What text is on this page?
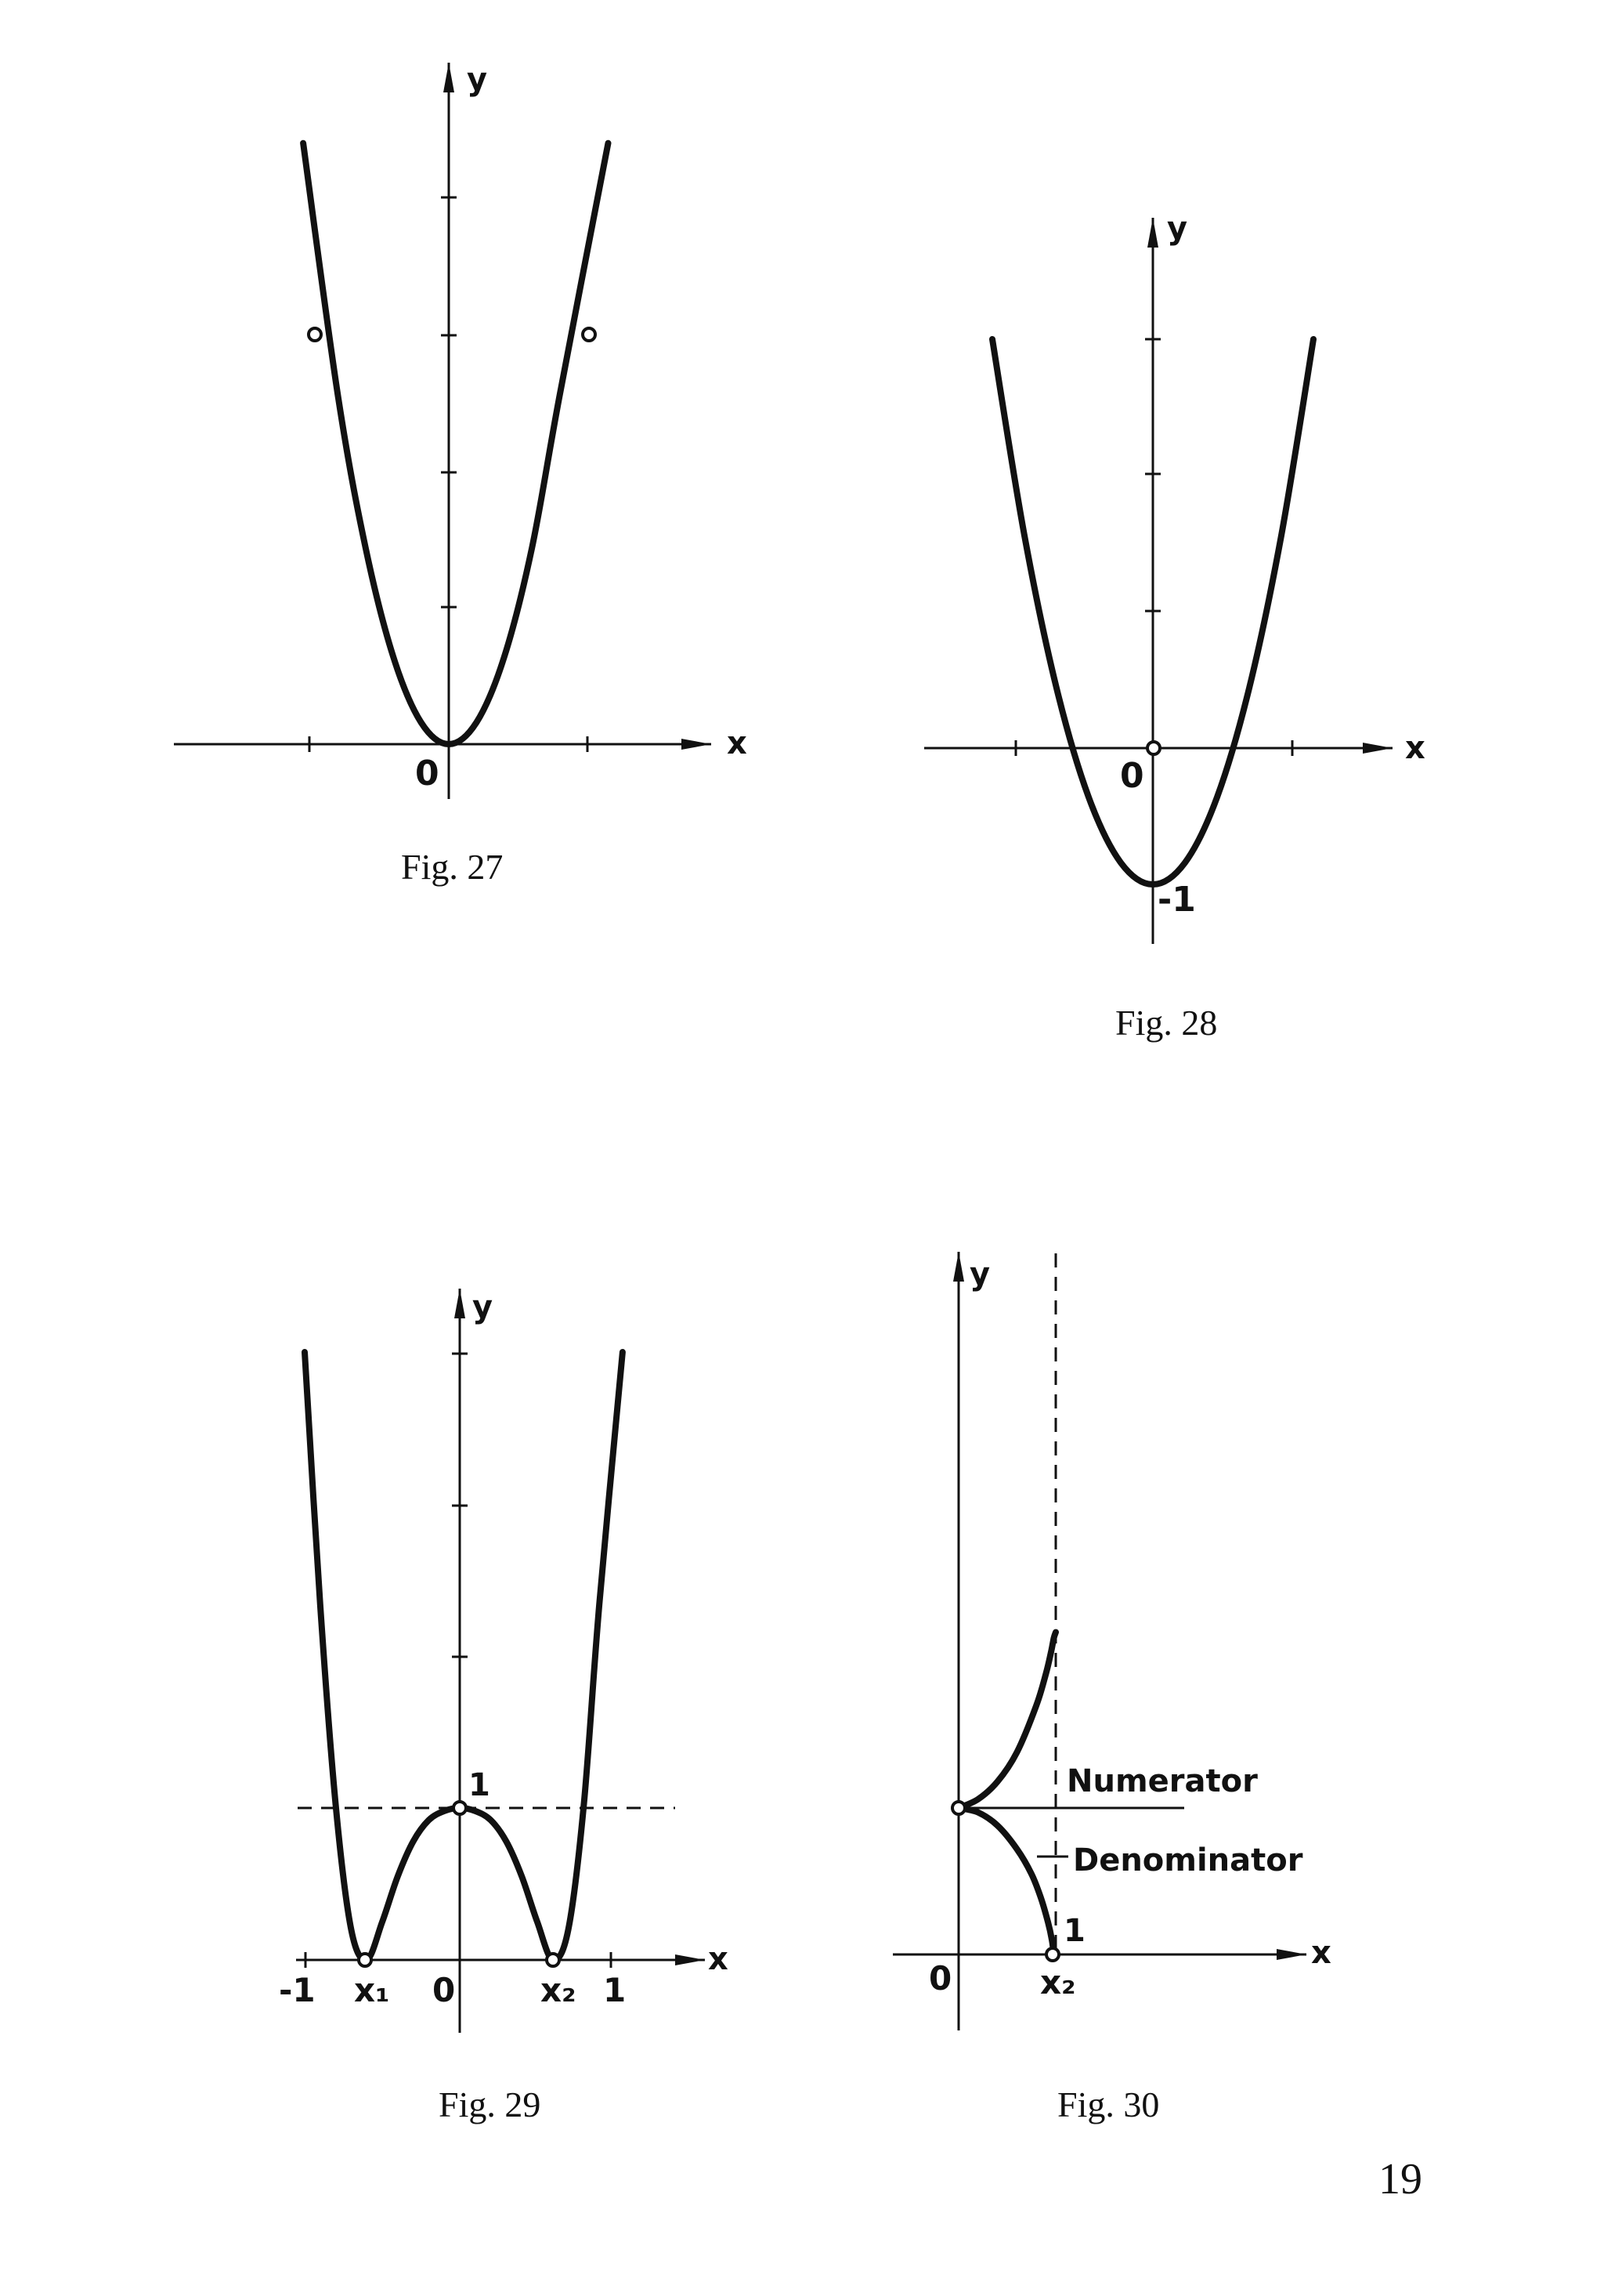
y
x
0
Fig. 27
y
x
0
-1
Fig. 28
y
x
1
-1 x₁ 0	x₂ 1
Fig. 29
y
x
Numerator
Denominator
1
0	x₂
Fig. 30
19
